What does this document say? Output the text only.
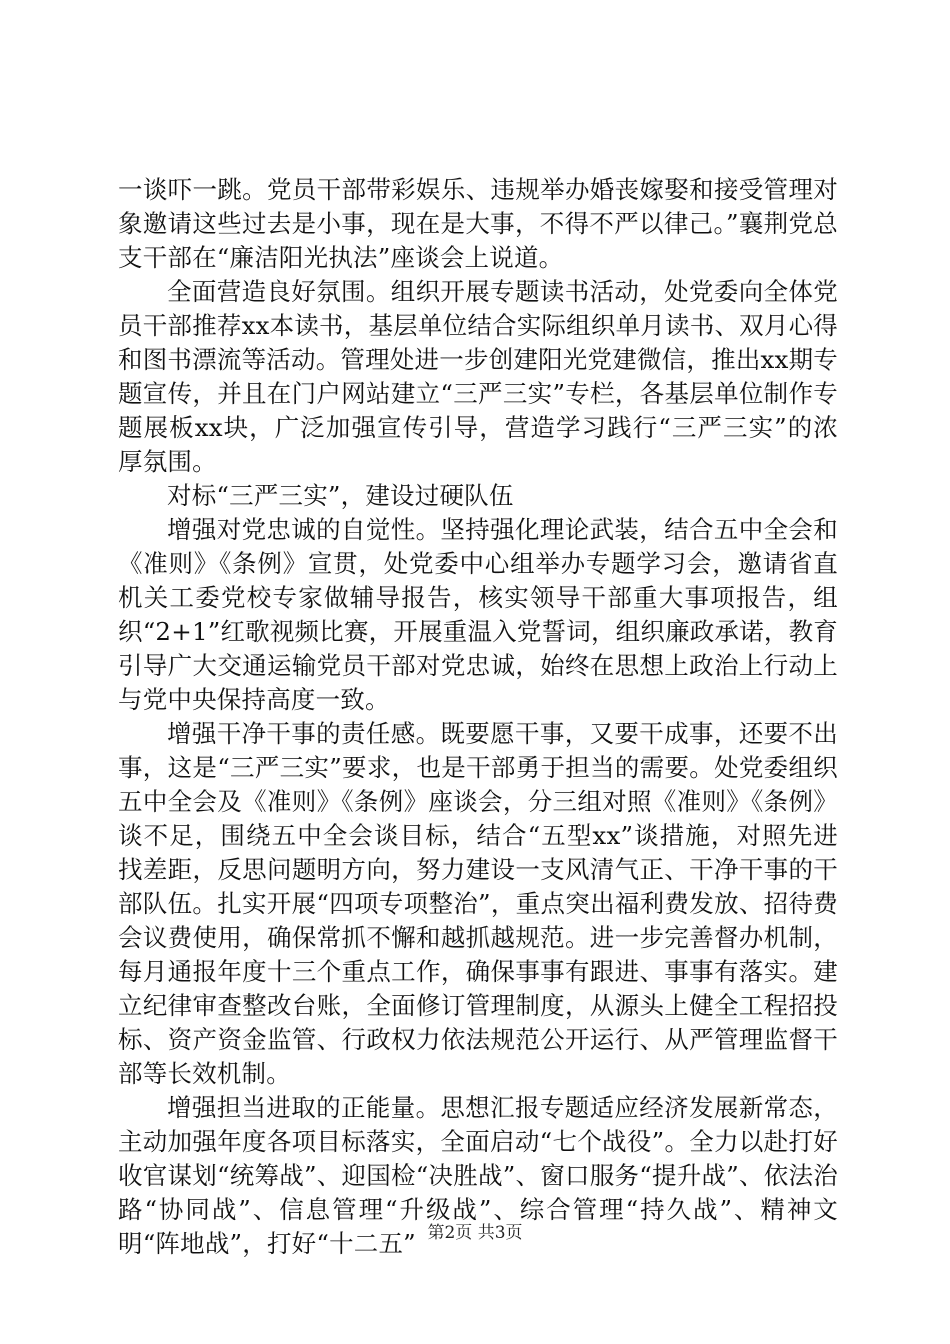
一谈吓一跳。党员干部带彩娱乐、违规举办婚丧嫁娶和接受管理对象邀请这些过去是小事，现在是大事，不得不严以律己。”襄荆党总支干部在“廉洁阳光执法”座谈会上说道。

全面营造良好氛围。组织开展专题读书活动，处党委向全体党员干部推荐xx本读书，基层单位结合实际组织单月读书、双月心得和图书漂流等活动。管理处进一步创建阳光党建微信，推出xx期专题宣传，并且在门户网站建立“三严三实”专栏，各基层单位制作专题展板xx块，广泛加强宣传引导，营造学习践行“三严三实”的浓厚氛围。

对标“三严三实”，建设过硬队伍

增强对党忠诚的自觉性。坚持强化理论武装，结合五中全会和《准则》《条例》宣贯，处党委中心组举办专题学习会，邀请省直机关工委党校专家做辅导报告，核实领导干部重大事项报告，组织“2+1”红歌视频比赛，开展重温入党誓词，组织廉政承诺，教育引导广大交通运输党员干部对党忠诚，始终在思想上政治上行动上与党中央保持高度一致。

增强干净干事的责任感。既要愿干事，又要干成事，还要不出事，这是“三严三实”要求，也是干部勇于担当的需要。处党委组织五中全会及《准则》《条例》座谈会，分三组对照《准则》《条例》谈不足，围绕五中全会谈目标，结合“五型xx”谈措施，对照先进找差距，反思问题明方向，努力建设一支风清气正、干净干事的干部队伍。扎实开展“四项专项整治”，重点突出福利费发放、招待费会议费使用，确保常抓不懈和越抓越规范。进一步完善督办机制，每月通报年度十三个重点工作，确保事事有跟进、事事有落实。建立纪律审查整改台账，全面修订管理制度，从源头上健全工程招投标、资产资金监管、行政权力依法规范公开运行、从严管理监督干部等长效机制。

增强担当进取的正能量。思想汇报专题适应经济发展新常态，主动加强年度各项目标落实，全面启动“七个战役”。全力以赴打好收官谋划“统筹战”、迎国检“决胜战”、窗口服务“提升战”、依法治路“协同战”、信息管理“升级战”、综合管理“持久战”、精神文明“阵地战”，打好“十二五” 第2页 共3页
